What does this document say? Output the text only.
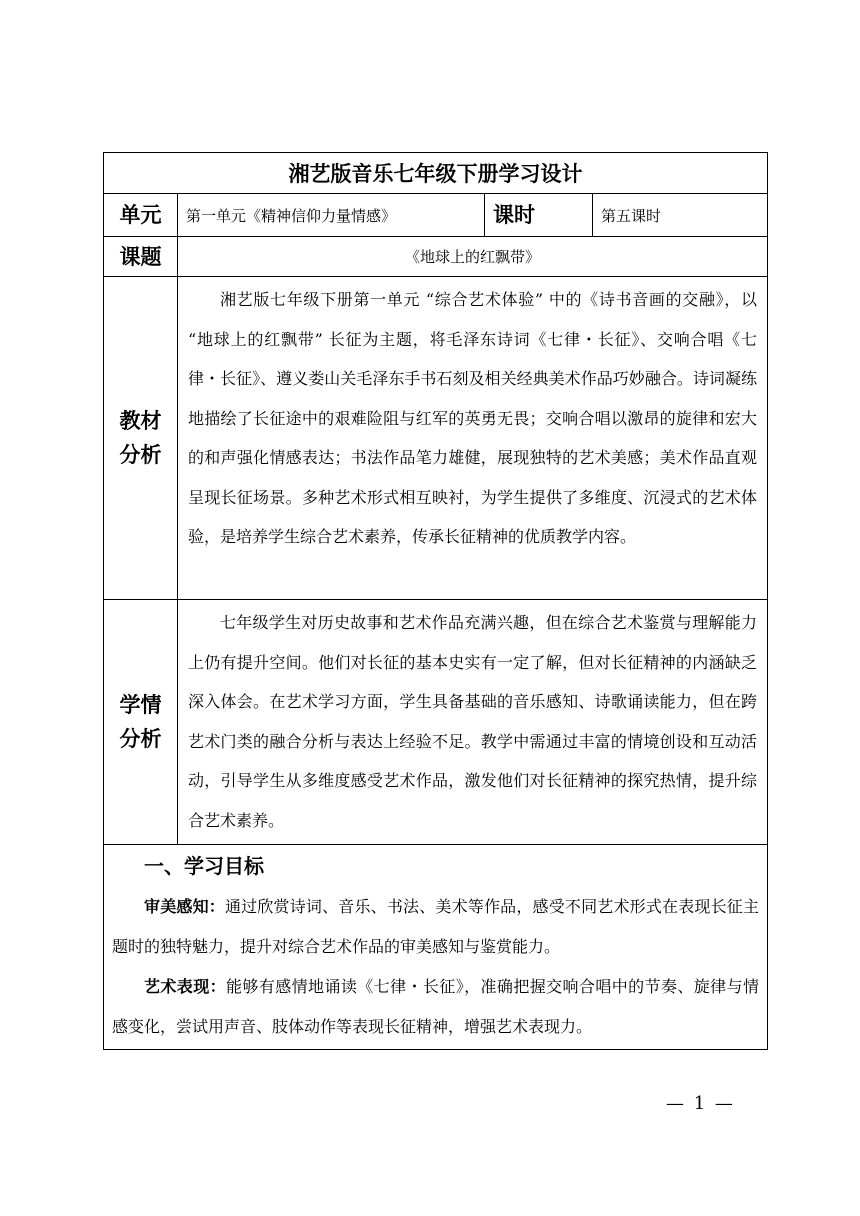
湘艺版音乐七年级下册学习设计			
单元	第一单元《精神信仰力量情感》	课时	第五课时
课题	《地球上的红飘带》		

教材
分析	湘艺版七年级下册第一单元 “综合艺术体验” 中的《诗书音画的交融》，以 “地球上的红飘带” 长征为主题，将毛泽东诗词《七律・长征》、交响合唱《七律・长征》、遵义娄山关毛泽东手书石刻及相关经典美术作品巧妙融合。诗词凝练地描绘了长征途中的艰难险阻与红军的英勇无畏；交响合唱以激昂的旋律和宏大的和声强化情感表达；书法作品笔力雄健，展现独特的艺术美感；美术作品直观呈现长征场景。多种艺术形式相互映衬，为学生提供了多维度、沉浸式的艺术体验，是培养学生综合艺术素养，传承长征精神的优质教学内容。		

学情
分析	七年级学生对历史故事和艺术作品充满兴趣，但在综合艺术鉴赏与理解能力上仍有提升空间。他们对长征的基本史实有一定了解，但对长征精神的内涵缺乏深入体会。在艺术学习方面，学生具备基础的音乐感知、诗歌诵读能力，但在跨艺术门类的融合分析与表达上经验不足。教学中需通过丰富的情境创设和互动活动，引导学生从多维度感受艺术作品，激发他们对长征精神的探究热情，提升综合艺术素养。		

一、学习目标

审美感知：通过欣赏诗词、音乐、书法、美术等作品，感受不同艺术形式在表现长征主题时的独特魅力，提升对综合艺术作品的审美感知与鉴赏能力。

艺术表现：能够有感情地诵读《七律・长征》，准确把握交响合唱中的节奏、旋律与情感变化，尝试用声音、肢体动作等表现长征精神，增强艺术表现力。			

— 1 —
